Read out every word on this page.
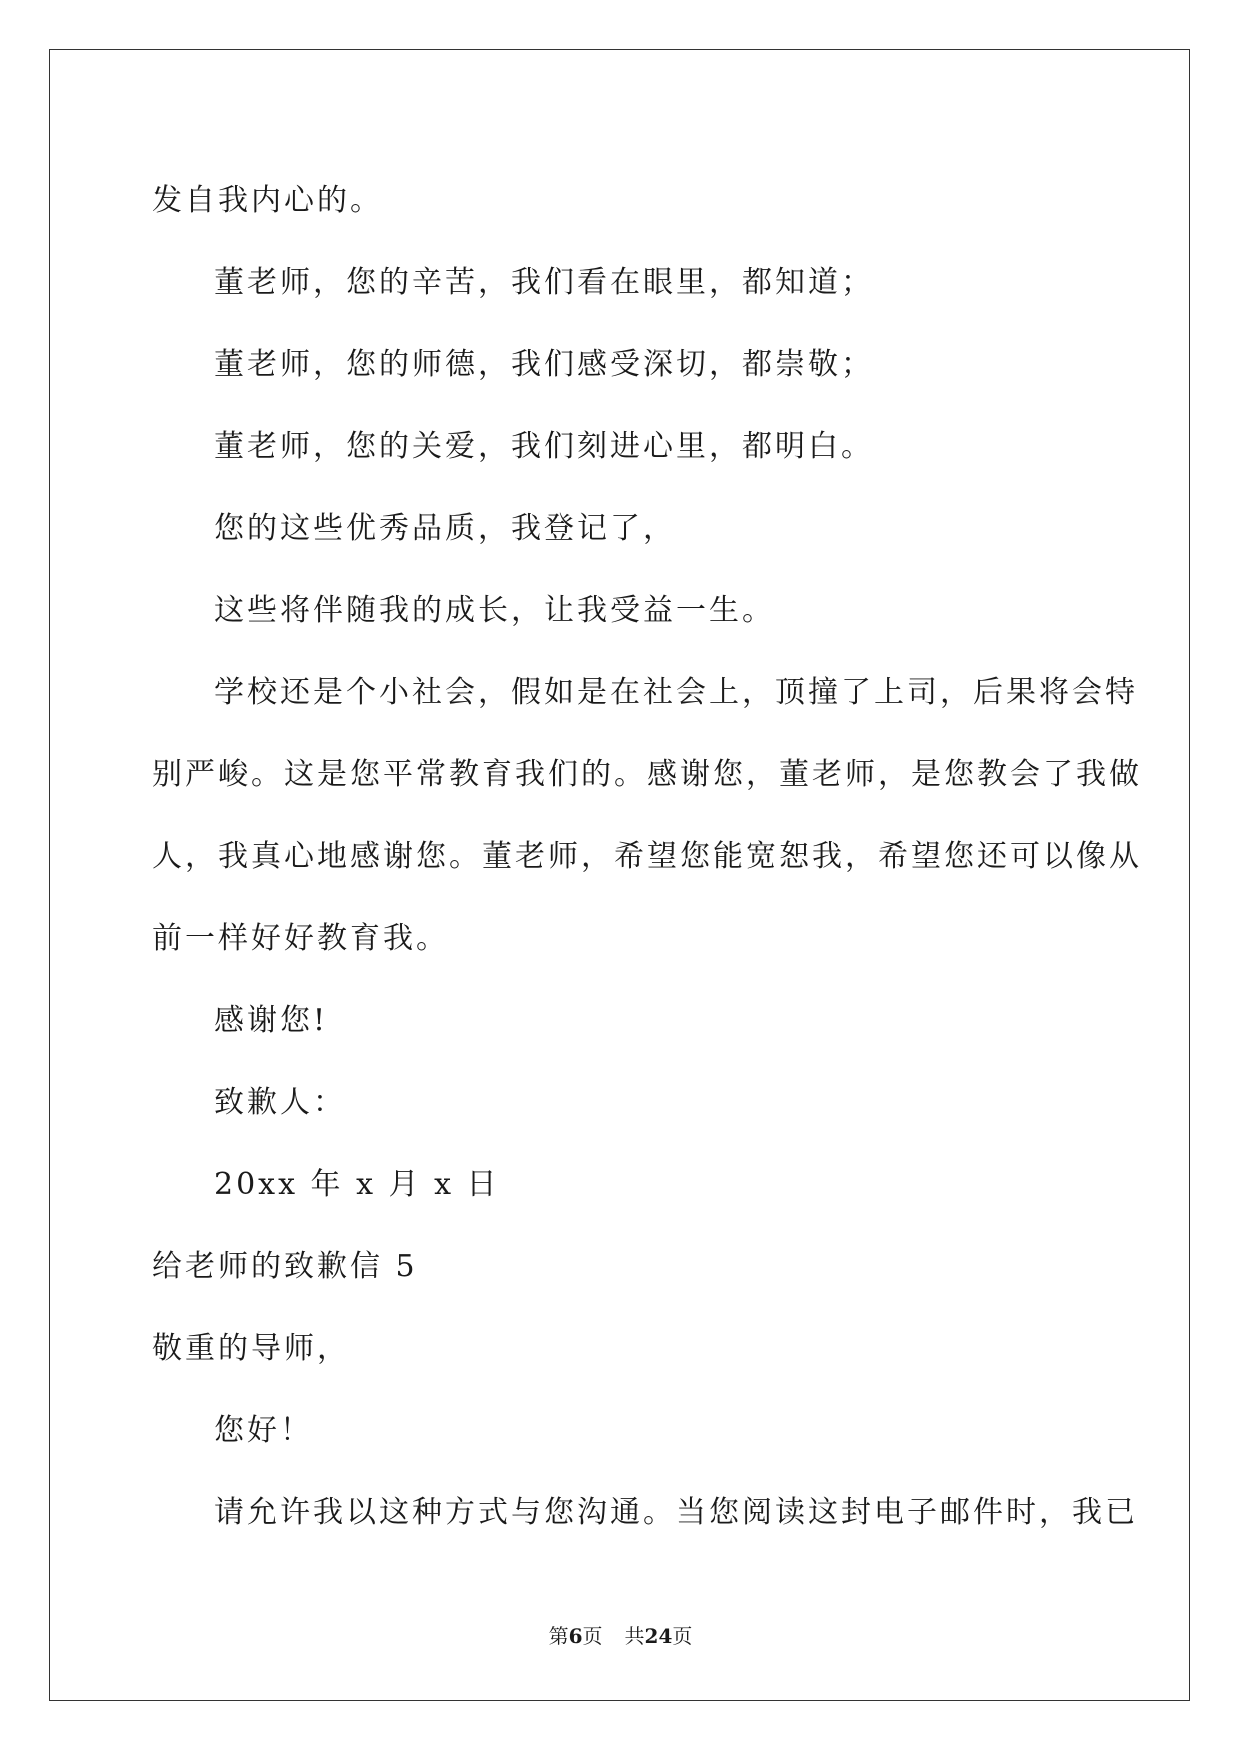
发自我内心的。
董老师，您的辛苦，我们看在眼里，都知道；
董老师，您的师德，我们感受深切，都崇敬；
董老师，您的关爱，我们刻进心里，都明白。
您的这些优秀品质，我登记了，
这些将伴随我的成长，让我受益一生。
学校还是个小社会，假如是在社会上，顶撞了上司，后果将会特
别严峻。这是您平常教育我们的。感谢您，董老师，是您教会了我做
人，我真心地感谢您。董老师，希望您能宽恕我，希望您还可以像从
前一样好好教育我。
感谢您!
致歉人：
20xx 年 x 月 x 日
给老师的致歉信 5
敬重的导师，
您好！
请允许我以这种方式与您沟通。当您阅读这封电子邮件时，我已
第6页 共24页
